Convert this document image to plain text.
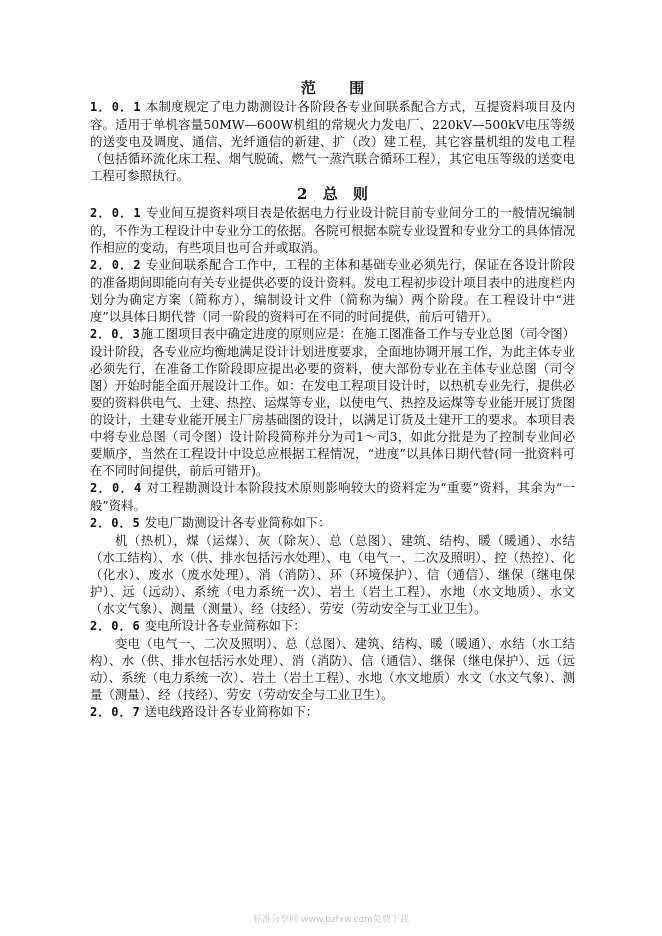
范 围

1．0．1 本制度规定了电力勘测设计各阶段各专业间联系配合方式，互提资料项目及内容。适用于单机容量50MW—600W机组的常规火力发电厂、220kV—500kV电压等级的送变电及调度、通信、光纤通信的新建、扩（改）建工程，其它容量机组的发电工程（包括循环流化床工程、烟气脱硫、燃气一蒸汽联合循环工程），其它电压等级的送变电工程可参照执行。

2 总 则

2．0．1 专业间互提资料项目表是依据电力行业设计院目前专业间分工的一般情况编制的，不作为工程设计中专业分工的依据。各院可根据本院专业设置和专业分工的具体情况作相应的变动，有些项目也可合并或取消。

2．0．2 专业间联系配合工作中，工程的主体和基础专业必须先行，保证在各设计阶段的准备期间即能向有关专业提供必要的设计资料。发电工程初步设计项目表中的进度栏内划分为确定方案（简称方），编制设计文件（简称为编）两个阶段。在工程设计中“进度”以具体日期代替（同一阶段的资料可在不同的时间提供，前后可错开）。

2．0．3施工图项目表中确定进度的原则应是：在施工图准备工作与专业总图（司令图）设计阶段，各专业应均衡地满足设计计划进度要求，全面地协调开展工作，为此主体专业必须先行，在准备工作阶段即应提出必要的资料，使大部份专业在主体专业总图（司令图）开始时能全面开展设计工作。如：在发电工程项目设计时，以热机专业先行，提供必要的资料供电气、土建、热控、运煤等专业，以使电气、热控及运煤等专业能开展订货图的设计，土建专业能开展主厂房基础图的设计，以满足订货及土建开工的要求。本项目表中将专业总图（司令图）设计阶段简称并分为司1～司3，如此分批是为了控制专业间必要顺序，当然在工程设计中设总应根据工程情况，“进度”以具体日期代替(同一批资料可在不同时间提供，前后可错开)。

2．0．4 对工程勘测设计本阶段技术原则影响较大的资料定为“重要”资料，其余为“一般”资料。

2．0．5 发电厂勘测设计各专业简称如下：

机（热机），煤（运煤）、灰（除灰）、总（总图）、建筑、结构、暖（暖通）、水结（水工结构）、水（供、排水包括污水处理）、电（电气一、二次及照明）、控（热控）、化（化水）、废水（废水处理）、消（消防）、环（环境保护）、信（通信）、继保（继电保护）、远（远动）、系统（电力系统一次）、岩土（岩土工程）、水地（水文地质）、水文（水文气象）、测量（测量）、经（技经）、劳安（劳动安全与工业卫生）。

2．0．6 变电所设计各专业简称如下：

变电（电气一、二次及照明）、总（总图）、建筑、结构、暖（暖通）、水结（水工结构）、水（供、排水包括污水处理）、消（消防）、信（通信）、继保（继电保护）、远（远动）、系统（电力系统一次）、岩土（岩土工程）、水地（水文地质）水文（水文气象）、测量（测量）、经（技经）、劳安（劳动安全与工业卫生）。

2．0．7 送电线路设计各专业简称如下：

标准分享网 www.bzfxw.com免费下载
